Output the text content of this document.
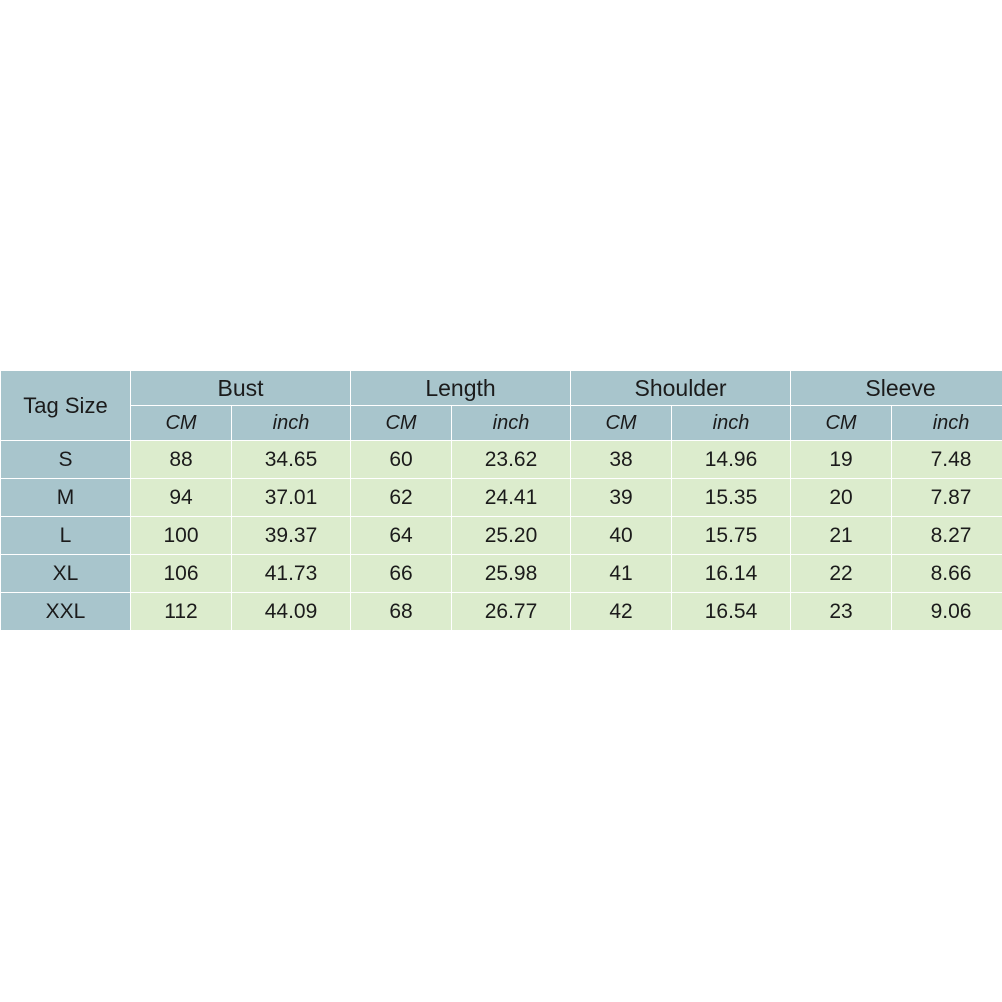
Tag Size	Bust		Length		Shoulder		Sleeve	
	CM	inch	CM	inch	CM	inch	CM	inch
S	88	34.65	60	23.62	38	14.96	19	7.48
M	94	37.01	62	24.41	39	15.35	20	7.87
L	100	39.37	64	25.20	40	15.75	21	8.27
XL	106	41.73	66	25.98	41	16.14	22	8.66
XXL	112	44.09	68	26.77	42	16.54	23	9.06
